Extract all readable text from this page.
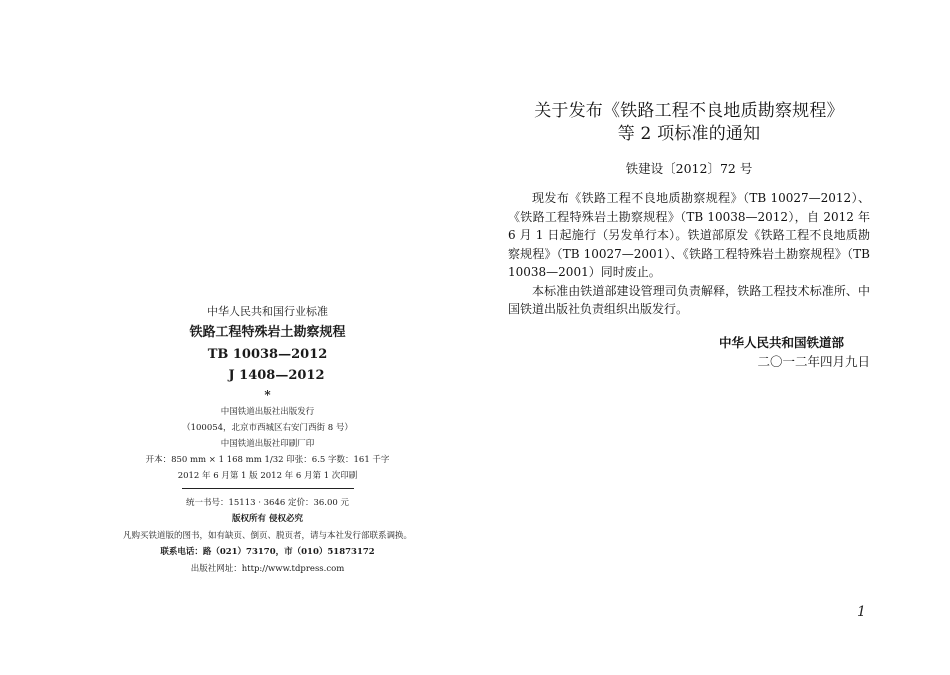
中华人民共和国行业标准
铁路工程特殊岩土勘察规程
TB 10038—2012
J 1408—2012
*
中国铁道出版社出版发行
（100054，北京市西城区右安门西街 8 号）
中国铁道出版社印刷厂印
开本：850 mm × 1 168 mm 1/32 印张：6.5 字数：161 千字
2012 年 6 月第 1 版 2012 年 6 月第 1 次印刷
统一书号：15113 · 3646 定价：36.00 元
版权所有 侵权必究
凡购买铁道版的图书，如有缺页、倒页、脱页者，请与本社发行部联系调换。
联系电话：路（021）73170，市（010）51873172
出版社网址：http://www.tdpress.com

关于发布《铁路工程不良地质勘察规程》

等 2 项标准的通知

铁建设〔2012〕72 号

现发布《铁路工程不良地质勘察规程》（TB 10027—2012）、《铁路工程特殊岩土勘察规程》（TB 10038—2012），自 2012 年 6 月 1 日起施行（另发单行本）。铁道部原发《铁路工程不良地质勘察规程》（TB 10027—2001）、《铁路工程特殊岩土勘察规程》（TB 10038—2001）同时废止。

本标准由铁道部建设管理司负责解释，铁路工程技术标准所、中国铁道出版社负责组织出版发行。

中华人民共和国铁道部
二〇一二年四月九日
1
